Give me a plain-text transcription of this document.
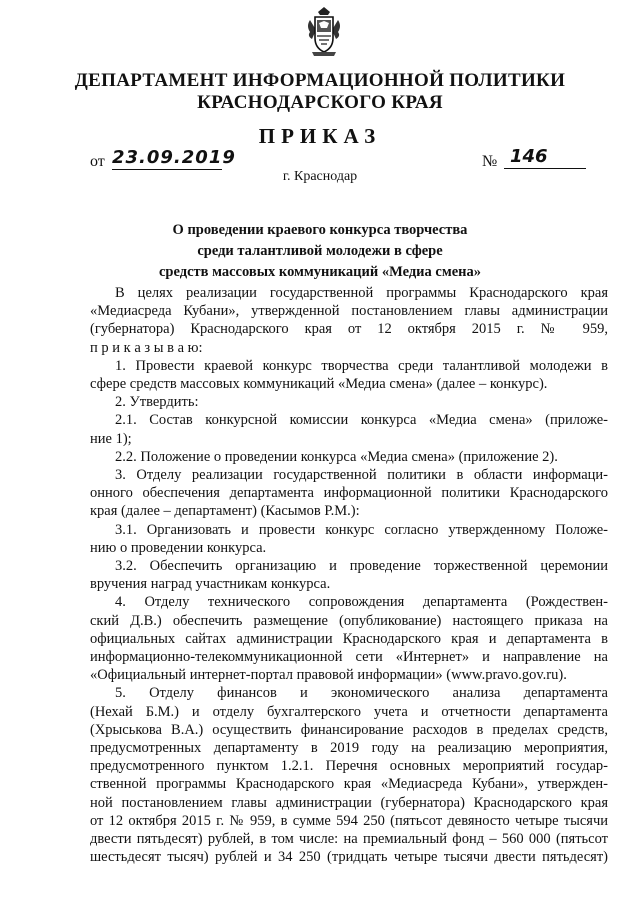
ДЕПАРТАМЕНТ ИНФОРМАЦИОННОЙ ПОЛИТИКИ
КРАСНОДАРСКОГО КРАЯ
ПРИКАЗ
от 23.09.2019	№ 146
г. Краснодар
О проведении краевого конкурса творчества
среди талантливой молодежи в сфере
средств массовых коммуникаций «Медиа смена»
В целях реализации государственной программы Краснодарского края
«Медиасреда Кубани», утвержденной постановлением главы администрации
(губернатора) Краснодарского края от 12 октября 2015 г. № 959,
п р и к а з ы в а ю:
1. Провести краевой конкурс творчества среди талантливой молодежи в
сфере средств массовых коммуникаций «Медиа смена» (далее – конкурс).
2. Утвердить:
2.1. Состав конкурсной комиссии конкурса «Медиа смена» (приложе-
ние 1);
2.2. Положение о проведении конкурса «Медиа смена» (приложение 2).
3. Отделу реализации государственной политики в области информаци-
онного обеспечения департамента информационной политики Краснодарского
края (далее – департамент) (Касымов Р.М.):
3.1. Организовать и провести конкурс согласно утвержденному Положе-
нию о проведении конкурса.
3.2. Обеспечить организацию и проведение торжественной церемонии
вручения наград участникам конкурса.
4. Отделу технического сопровождения департамента (Рождествен-
ский Д.В.) обеспечить размещение (опубликование) настоящего приказа на
официальных сайтах администрации Краснодарского края и департамента в
информационно-телекоммуникационной сети «Интернет» и направление на
«Официальный интернет-портал правовой информации» (www.pravo.gov.ru).
5. Отделу финансов и экономического анализа департамента
(Нехай Б.М.) и отделу бухгалтерского учета и отчетности департамента
(Хрыськова В.А.) осуществить финансирование расходов в пределах средств,
предусмотренных департаменту в 2019 году на реализацию мероприятия,
предусмотренного пунктом 1.2.1. Перечня основных мероприятий государ-
ственной программы Краснодарского края «Медиасреда Кубани», утвержден-
ной постановлением главы администрации (губернатора) Краснодарского края
от 12 октября 2015 г. № 959, в сумме 594 250 (пятьсот девяносто четыре тысячи
двести пятьдесят) рублей, в том числе: на премиальный фонд – 560 000 (пятьсот
шестьдесят тысяч) рублей и 34 250 (тридцать четыре тысячи двести пятьдесят)
